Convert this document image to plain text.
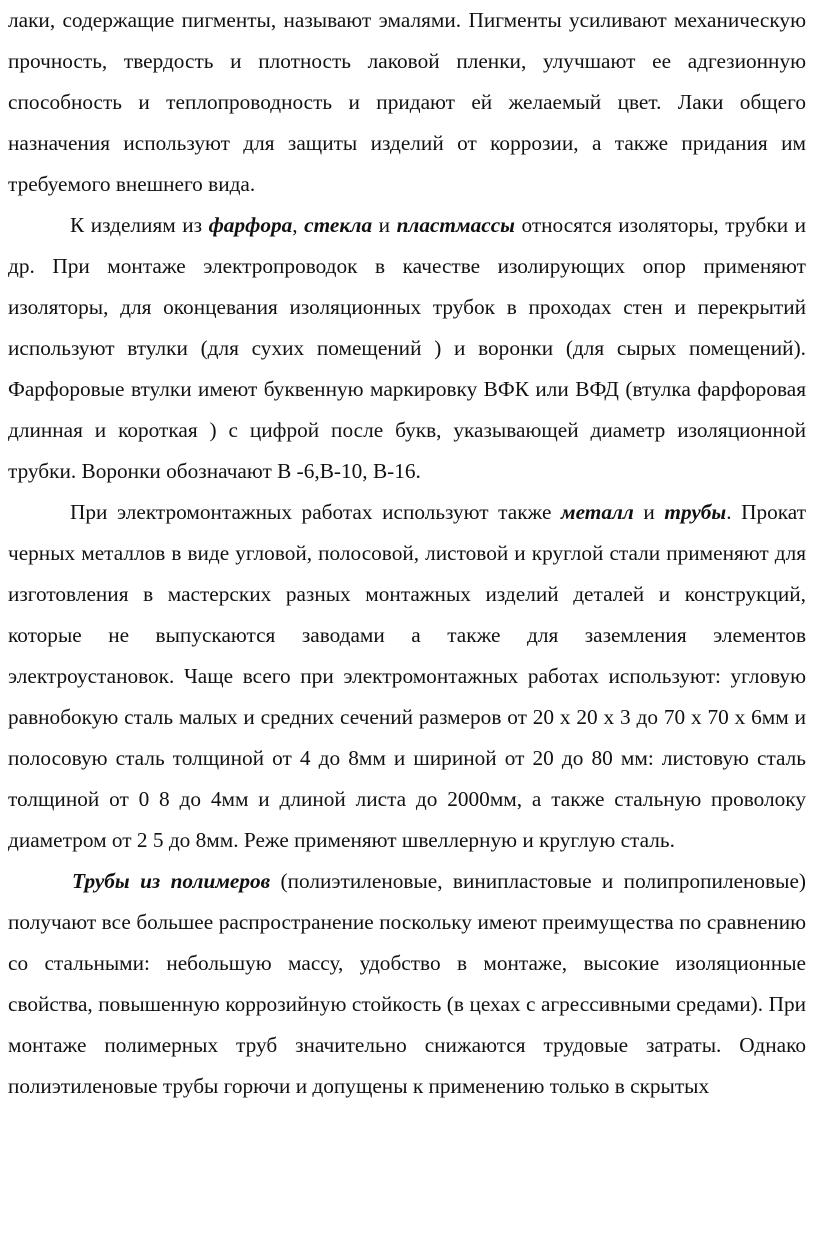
лаки, содержащие пигменты, называют эмалями. Пигменты усиливают механическую прочность, твердость и плотность лаковой пленки, улучшают ее адгезионную способность и теплопроводность и придают ей желаемый цвет. Лаки общего назначения используют для защиты изделий от коррозии, а также придания им требуемого внешнего вида.

К изделиям из фарфора, стекла и пластмассы относятся изоляторы, трубки и др. При монтаже электропроводок в качестве изолирующих опор применяют изоляторы, для оконцевания изоляционных трубок в проходах стен и перекрытий используют втулки (для сухих помещений ) и воронки (для сырых помещений). Фарфоровые втулки имеют буквенную маркировку ВФК или ВФД (втулка фарфоровая длинная и короткая ) с цифрой после букв, указывающей диаметр изоляционной трубки. Воронки обозначают В -6,В-10, В-16.

При электромонтажных работах используют также металл и трубы. Прокат черных металлов в виде угловой, полосовой, листовой и круглой стали применяют для изготовления в мастерских разных монтажных изделий деталей и конструкций, которые не выпускаются заводами а также для заземления элементов электроустановок. Чаще всего при электромонтажных работах используют: угловую равнобокую сталь малых и средних сечений размеров от 20 х 20 х 3 до 70 х 70 х 6мм и полосовую сталь толщиной от 4 до 8мм и шириной от 20 до 80 мм: листовую сталь толщиной от 0 8 до 4мм и длиной листа до 2000мм, а также стальную проволоку диаметром от 2 5 до 8мм. Реже применяют швеллерную и круглую сталь.

Трубы из полимеров (полиэтиленовые, винипластовые и полипропиленовые) получают все большее распространение поскольку имеют преимущества по сравнению со стальными: небольшую массу, удобство в монтаже, высокие изоляционные свойства, повышенную коррозийную стойкость (в цехах с агрессивными средами). При монтаже полимерных труб значительно снижаются трудовые затраты. Однако полиэтиленовые трубы горючи и допущены к применению только в скрытых
